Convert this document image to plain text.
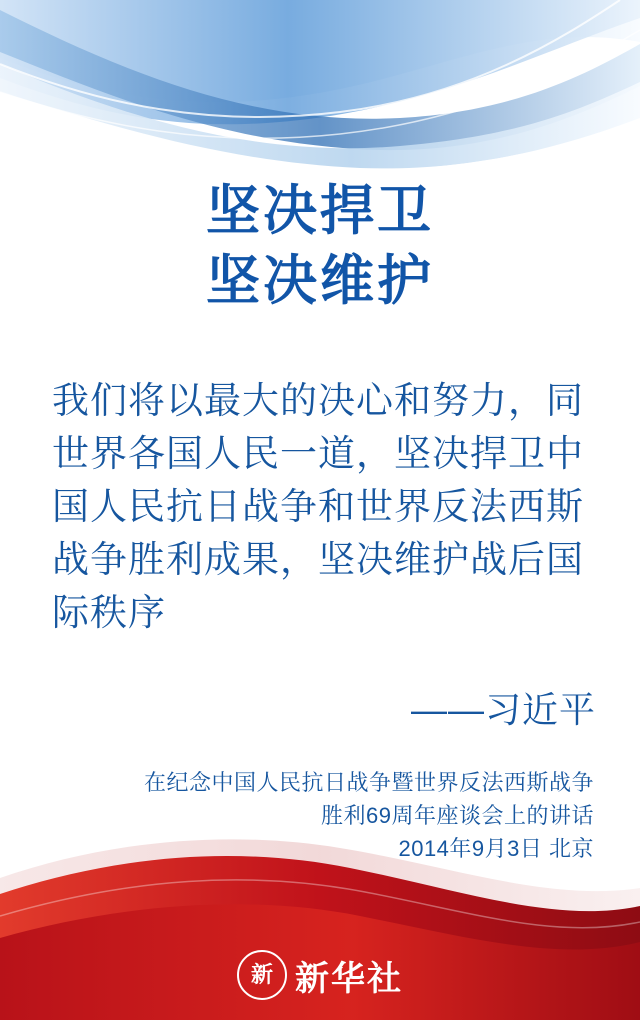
坚决捍卫
坚决维护
我们将以最大的决心和努力，同世界各国人民一道，坚决捍卫中国人民抗日战争和世界反法西斯战争胜利成果，坚决维护战后国际秩序
——习近平
在纪念中国人民抗日战争暨世界反法西斯战争
胜利69周年座谈会上的讲话
2014年9月3日 北京
新 新华社
